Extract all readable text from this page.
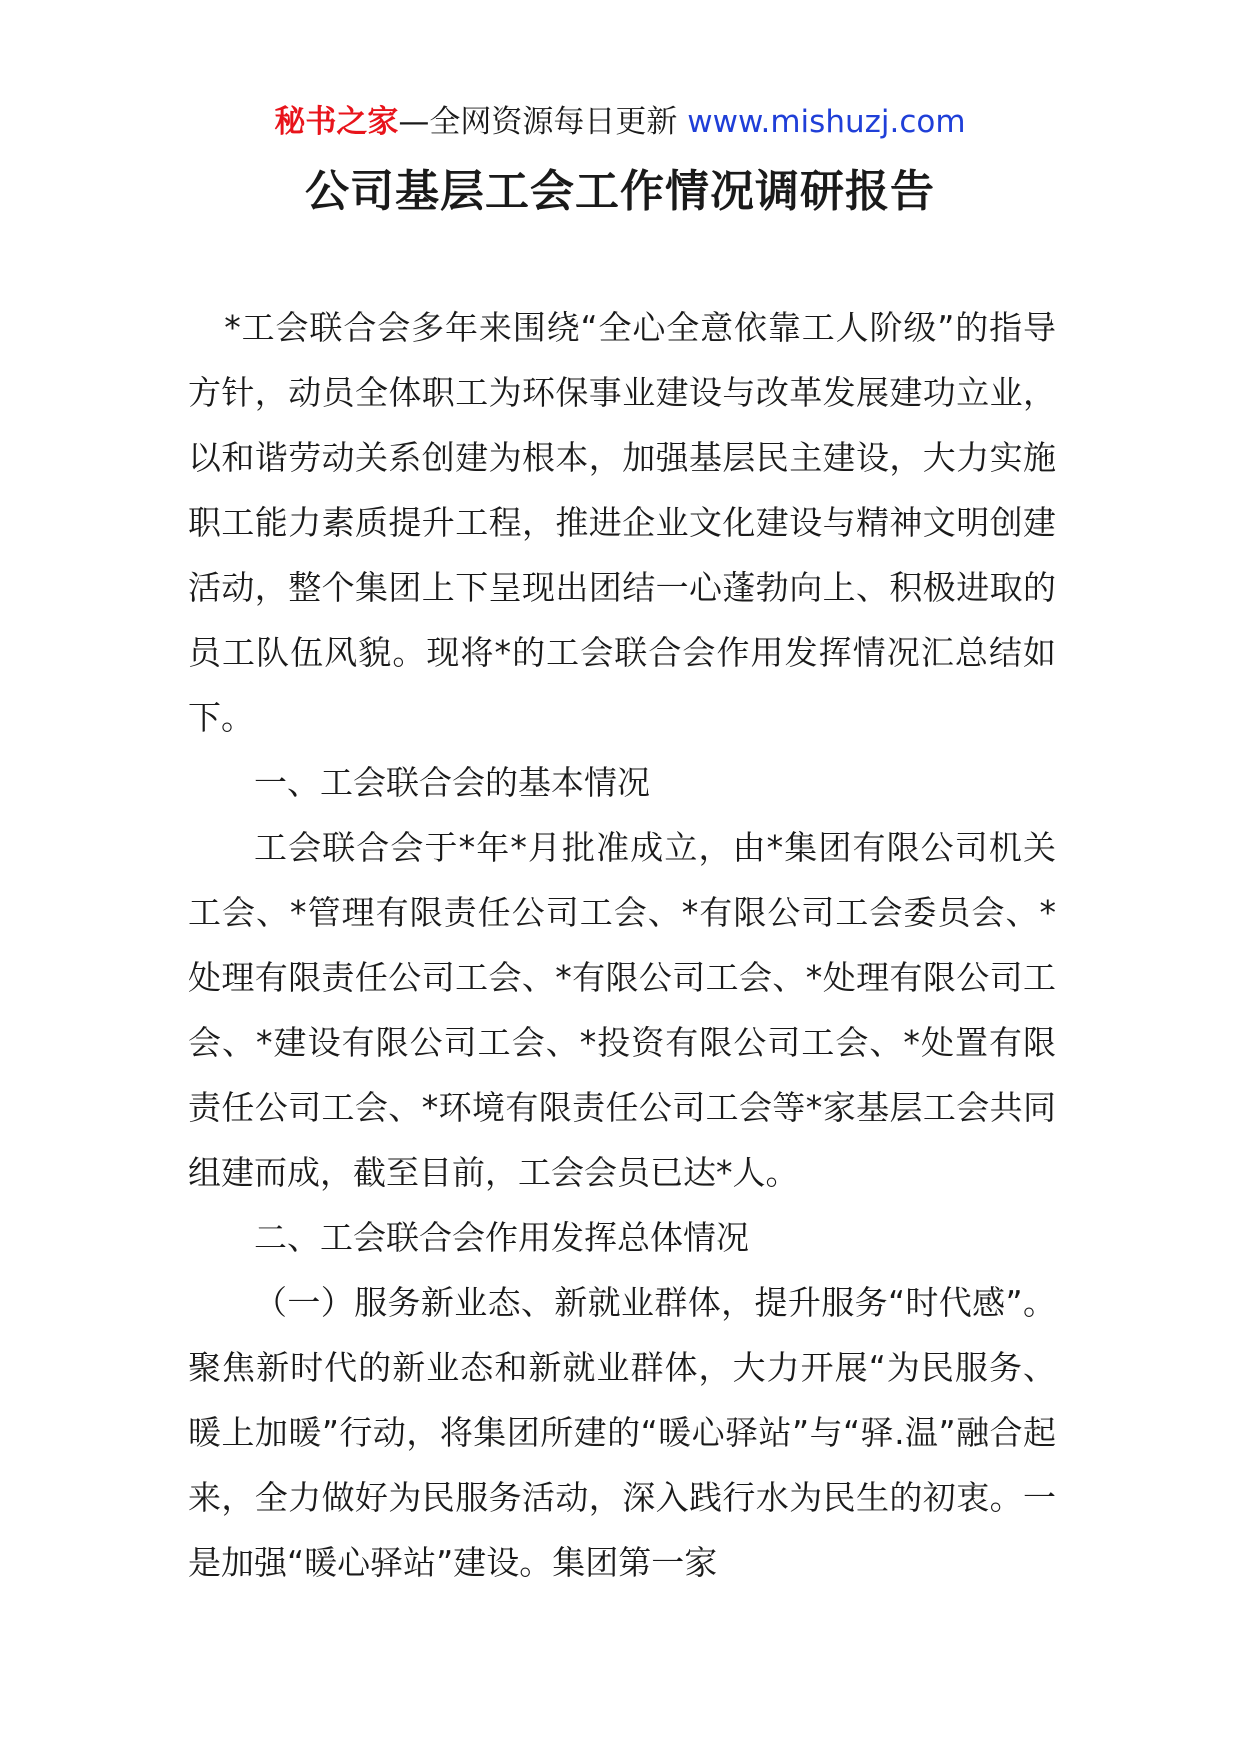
秘书之家—全网资源每日更新 www.mishuzj.com
公司基层工会工作情况调研报告

*工会联合会多年来围绕“全心全意依靠工人阶级”的指导方针，动员全体职工为环保事业建设与改革发展建功立业，以和谐劳动关系创建为根本，加强基层民主建设，大力实施职工能力素质提升工程，推进企业文化建设与精神文明创建活动，整个集团上下呈现出团结一心蓬勃向上、积极进取的员工队伍风貌。现将*的工会联合会作用发挥情况汇总结如下。

一、工会联合会的基本情况

工会联合会于*年*月批准成立，由*集团有限公司机关工会、*管理有限责任公司工会、*有限公司工会委员会、*处理有限责任公司工会、*有限公司工会、*处理有限公司工会、*建设有限公司工会、*投资有限公司工会、*处置有限责任公司工会、*环境有限责任公司工会等*家基层工会共同组建而成，截至目前，工会会员已达*人。

二、工会联合会作用发挥总体情况

（一）服务新业态、新就业群体，提升服务“时代感”。聚焦新时代的新业态和新就业群体，大力开展“为民服务、暖上加暖”行动，将集团所建的“暖心驿站”与“驿.温”融合起来，全力做好为民服务活动，深入践行水为民生的初衷。一是加强“暖心驿站”建设。集团第一家
